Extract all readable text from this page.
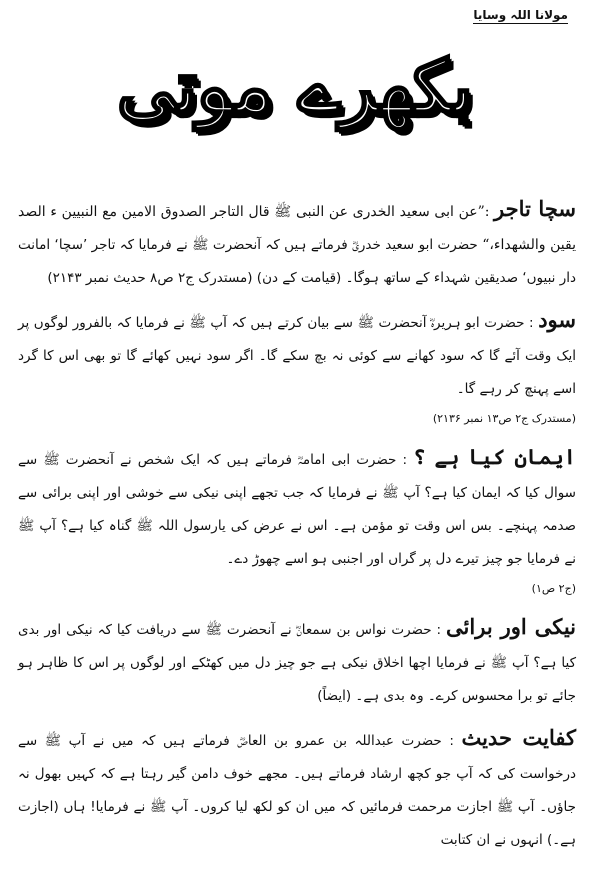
مولانا اللہ وسایا
بکھرے موتی

سچا تاجر :”عن ابی سعید الخدری عن النبی ﷺ قال التاجر الصدوق الامین مع النبیین ء الصد یقین والشھداء،“ حضرت ابو سعید خدریؓ فرماتے ہیں کہ آنحضرت ﷺ نے فرمایا کہ تاجر ’سچا‘ امانت دار نبیوں‘ صدیقین شہداء کے ساتھ ہوگا۔ (قیامت کے دن) (مستدرک ج۲ ص۸ حدیث نمبر ۲۱۴۳)

سود : حضرت ابو ہریرہؓ آنحضرت ﷺ سے بیان کرتے ہیں کہ آپ ﷺ نے فرمایا کہ بالفرور لوگوں پر ایک وقت آئے گا کہ سود کھانے سے کوئی نہ بچ سکے گا۔ اگر سود نہیں کھائے گا تو بھی اس کا گرد اسے پہنچ کر رہے گا۔
(مستدرک ج۲ ص۱۳ نمبر ۲۱۳۶)

ایمان کیا ہے ؟ : حضرت ابی امامہؓ فرماتے ہیں کہ ایک شخص نے آنحضرت ﷺ سے سوال کیا کہ ایمان کیا ہے؟ آپ ﷺ نے فرمایا کہ جب تجھے اپنی نیکی سے خوشی اور اپنی برائی سے صدمہ پہنچے۔ بس اس وقت تو مؤمن ہے۔ اس نے عرض کی یارسول اللہ ﷺ گناہ کیا ہے؟ آپ ﷺ نے فرمایا جو چیز تیرے دل پر گراں اور اجنبی ہو اسے چھوڑ دے۔
(ج۲ ص۱)

نیکی اور برائی : حضرت نواس بن سمعانؓ نے آنحضرت ﷺ سے دریافت کیا کہ نیکی اور بدی کیا ہے؟ آپ ﷺ نے فرمایا اچھا اخلاق نیکی ہے جو چیز دل میں کھٹکے اور لوگوں پر اس کا ظاہر ہو جائے تو برا محسوس کرے۔ وہ بدی ہے۔ (ایضاً)

کفایت حدیث : حضرت عبداللہ بن عمرو بن العاصؓ فرماتے ہیں کہ میں نے آپ ﷺ سے درخواست کی کہ آپ جو کچھ ارشاد فرماتے ہیں۔ مجھے خوف دامن گیر رہتا ہے کہ کہیں بھول نہ جاؤں۔ آپ ﷺ اجازت مرحمت فرمائیں کہ میں ان کو لکھ لیا کروں۔ آپ ﷺ نے فرمایا! ہاں (اجازت ہے۔) انہوں نے ان کتابت
